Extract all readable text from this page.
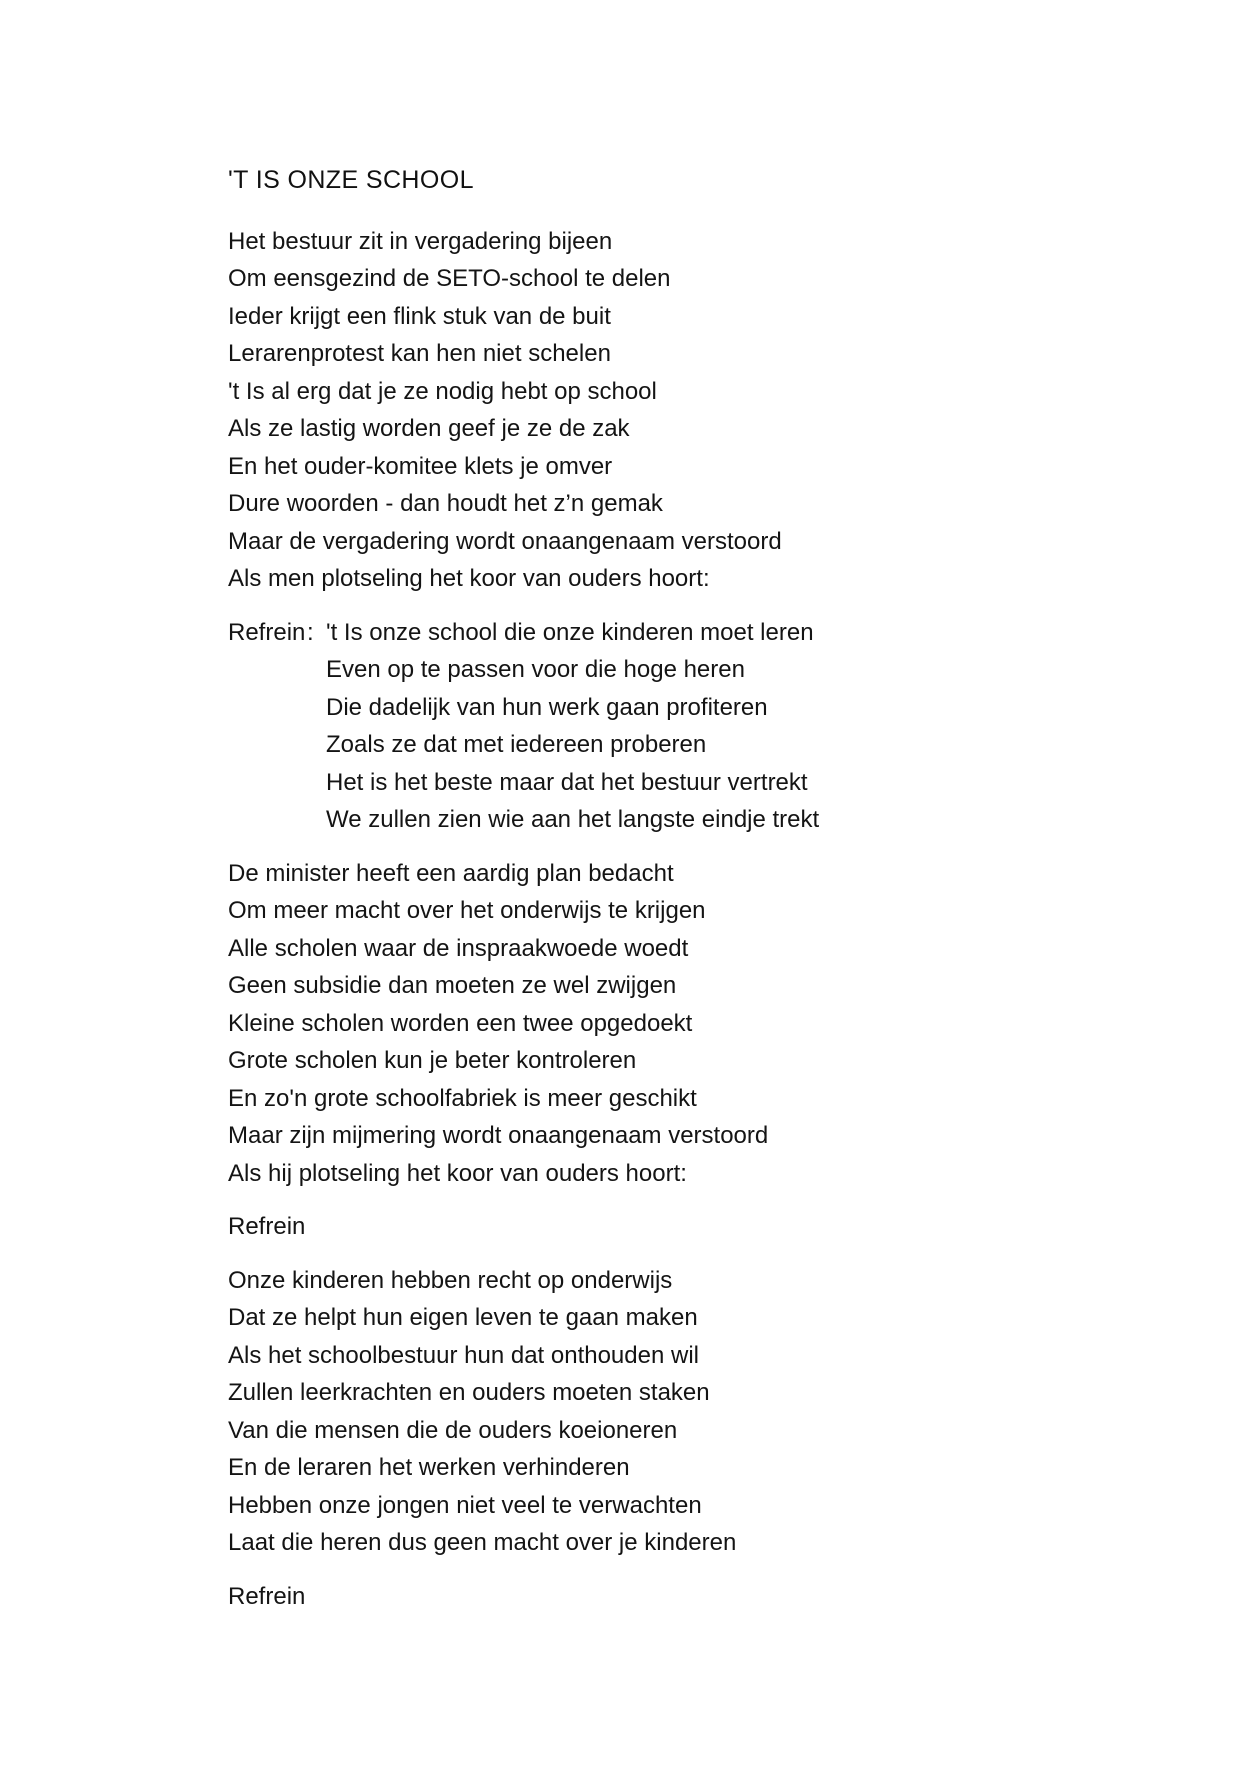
'T IS ONZE SCHOOL

Het bestuur zit in vergadering bijeen

Om eensgezind de SETO-school te delen

Ieder krijgt een flink stuk van de buit

Lerarenprotest kan hen niet schelen

't Is al erg dat je ze nodig hebt op school

Als ze lastig worden geef je ze de zak

En het ouder-komitee klets je omver

Dure woorden - dan houdt het z’n gemak

Maar de vergadering wordt onaangenaam verstoord

Als men plotseling het koor van ouders hoort:

Refrein: 't Is onze school die onze kinderen moet leren

Even op te passen voor die hoge heren

Die dadelijk van hun werk gaan profiteren

Zoals ze dat met iedereen proberen

Het is het beste maar dat het bestuur vertrekt

We zullen zien wie aan het langste eindje trekt

De minister heeft een aardig plan bedacht

Om meer macht over het onderwijs te krijgen

Alle scholen waar de inspraakwoede woedt

Geen subsidie dan moeten ze wel zwijgen

Kleine scholen worden een twee opgedoekt

Grote scholen kun je beter kontroleren

En zo'n grote schoolfabriek is meer geschikt

Maar zijn mijmering wordt onaangenaam verstoord

Als hij plotseling het koor van ouders hoort:

Refrein

Onze kinderen hebben recht op onderwijs

Dat ze helpt hun eigen leven te gaan maken

Als het schoolbestuur hun dat onthouden wil

Zullen leerkrachten en ouders moeten staken

Van die mensen die de ouders koeioneren

En de leraren het werken verhinderen

Hebben onze jongen niet veel te verwachten

Laat die heren dus geen macht over je kinderen

Refrein
